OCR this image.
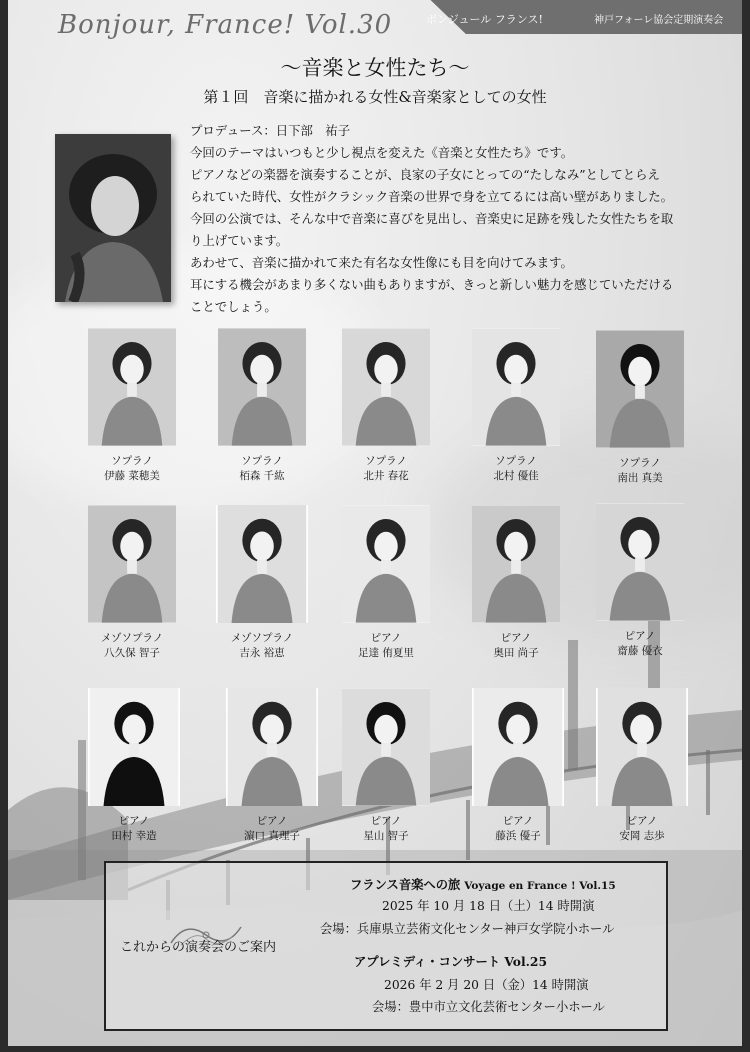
ボンジュール フランス!	神戸フォーレ協会定期演奏会
Bonjour, France! Vol.30
〜音楽と女性たち〜
第１回　音楽に描かれる女性&音楽家としての女性

プロデュース：日下部　祐子

今回のテーマはいつもと少し視点を変えた《音楽と女性たち》です。

ピアノなどの楽器を演奏することが、良家の子女にとっての“たしなみ”としてとらえ

られていた時代、女性がクラシック音楽の世界で身を立てるには高い壁がありました。

今回の公演では、そんな中で音楽に喜びを見出し、音楽史に足跡を残した女性たちを取

り上げています。

あわせて、音楽に描かれて来た有名な女性像にも目を向けてみます。

耳にする機会があまり多くない曲もありますが、きっと新しい魅力を感じていただける

ことでしょう。

ソプラノ
伊藤 菜穂美
ソプラノ
栢森 千紘
ソプラノ
北井 春花
ソプラノ
北村 優佳
ソプラノ
南出 真美
メゾソプラノ
八久保 智子
メゾソプラノ
吉永 裕恵
ピアノ
足達 侑夏里
ピアノ
奥田 尚子
ピアノ
齋藤 優衣
ピアノ
田村 幸造
ピアノ
濵口 真理子
ピアノ
星山 智子
ピアノ
藤浜 優子
ピアノ
安岡 志歩
これからの演奏会のご案内
フランス音楽への旅 Voyage en France ! Vol.15
2025 年 10 月 18 日（土）14 時開演
会場：兵庫県立芸術文化センター神戸女学院小ホール
アプレミディ・コンサート Vol.25
2026 年 2 月 20 日（金）14 時開演
会場：豊中市立文化芸術センター小ホール
